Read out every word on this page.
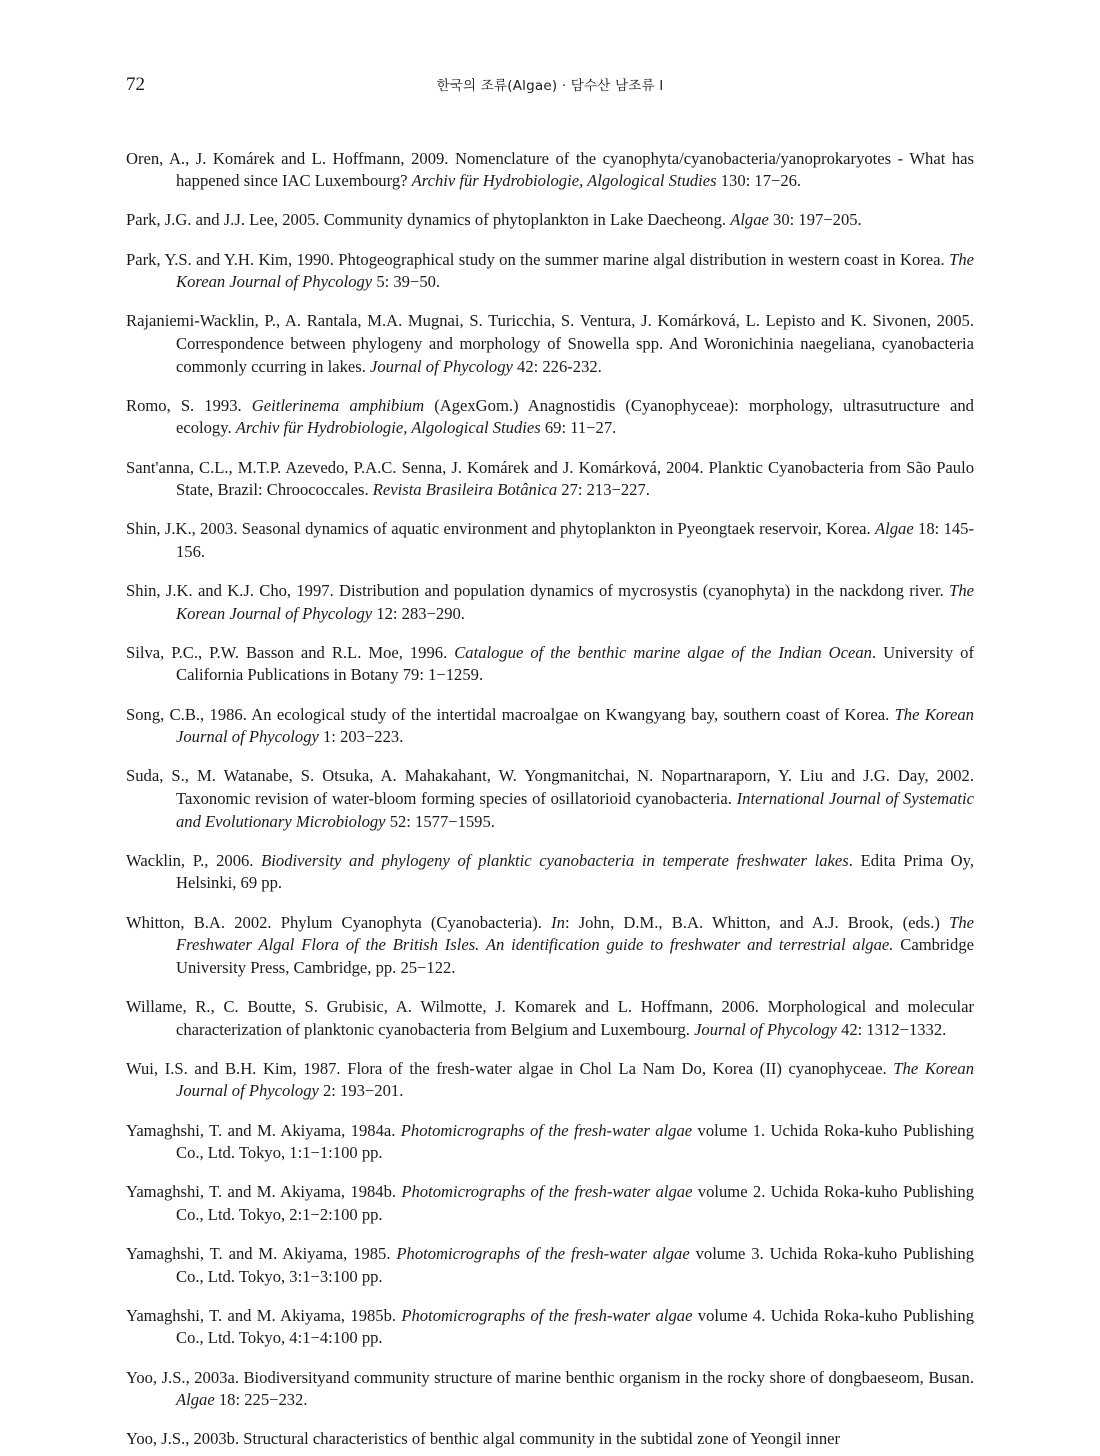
72	한국의 조류(Algae) · 담수산 남조류 I

Oren, A., J. Komárek and L. Hoffmann, 2009. Nomenclature of the cyanophyta/cyanobacteria/yanoprokaryotes - What has happened since IAC Luxembourg? Archiv für Hydrobiologie, Algological Studies 130: 17−26.

Park, J.G. and J.J. Lee, 2005. Community dynamics of phytoplankton in Lake Daecheong. Algae 30: 197−205.

Park, Y.S. and Y.H. Kim, 1990. Phtogeographical study on the summer marine algal distribution in western coast in Korea. The Korean Journal of Phycology 5: 39−50.

Rajaniemi-Wacklin, P., A. Rantala, M.A. Mugnai, S. Turicchia, S. Ventura, J. Komárková, L. Lepisto and K. Sivonen, 2005. Correspondence between phylogeny and morphology of Snowella spp. And Woronichinia naegeliana, cyanobacteria commonly ccurring in lakes. Journal of Phycology 42: 226-232.

Romo, S. 1993. Geitlerinema amphibium (AgexGom.) Anagnostidis (Cyanophyceae): morphology, ultrasutructure and ecology. Archiv für Hydrobiologie, Algological Studies 69: 11−27.

Sant'anna, C.L., M.T.P. Azevedo, P.A.C. Senna, J. Komárek and J. Komárková, 2004. Planktic Cyanobacteria from São Paulo State, Brazil: Chroococcales. Revista Brasileira Botânica 27: 213−227.

Shin, J.K., 2003. Seasonal dynamics of aquatic environment and phytoplankton in Pyeongtaek reservoir, Korea. Algae 18: 145-156.

Shin, J.K. and K.J. Cho, 1997. Distribution and population dynamics of mycrosystis (cyanophyta) in the nackdong river. The Korean Journal of Phycology 12: 283−290.

Silva, P.C., P.W. Basson and R.L. Moe, 1996. Catalogue of the benthic marine algae of the Indian Ocean. University of California Publications in Botany 79: 1−1259.

Song, C.B., 1986. An ecological study of the intertidal macroalgae on Kwangyang bay, southern coast of Korea. The Korean Journal of Phycology 1: 203−223.

Suda, S., M. Watanabe, S. Otsuka, A. Mahakahant, W. Yongmanitchai, N. Nopartnaraporn, Y. Liu and J.G. Day, 2002. Taxonomic revision of water-bloom forming species of osillatorioid cyanobacteria. International Journal of Systematic and Evolutionary Microbiology 52: 1577−1595.

Wacklin, P., 2006. Biodiversity and phylogeny of planktic cyanobacteria in temperate freshwater lakes. Edita Prima Oy, Helsinki, 69 pp.

Whitton, B.A. 2002. Phylum Cyanophyta (Cyanobacteria). In: John, D.M., B.A. Whitton, and A.J. Brook, (eds.) The Freshwater Algal Flora of the British Isles. An identification guide to freshwater and terrestrial algae. Cambridge University Press, Cambridge, pp. 25−122.

Willame, R., C. Boutte, S. Grubisic, A. Wilmotte, J. Komarek and L. Hoffmann, 2006. Morphological and molecular characterization of planktonic cyanobacteria from Belgium and Luxembourg. Journal of Phycology 42: 1312−1332.

Wui, I.S. and B.H. Kim, 1987. Flora of the fresh-water algae in Chol La Nam Do, Korea (II) cyanophyceae. The Korean Journal of Phycology 2: 193−201.

Yamaghshi, T. and M. Akiyama, 1984a. Photomicrographs of the fresh-water algae volume 1. Uchida Roka-kuho Publishing Co., Ltd. Tokyo, 1:1−1:100 pp.

Yamaghshi, T. and M. Akiyama, 1984b. Photomicrographs of the fresh-water algae volume 2. Uchida Roka-kuho Publishing Co., Ltd. Tokyo, 2:1−2:100 pp.

Yamaghshi, T. and M. Akiyama, 1985. Photomicrographs of the fresh-water algae volume 3. Uchida Roka-kuho Publishing Co., Ltd. Tokyo, 3:1−3:100 pp.

Yamaghshi, T. and M. Akiyama, 1985b. Photomicrographs of the fresh-water algae volume 4. Uchida Roka-kuho Publishing Co., Ltd. Tokyo, 4:1−4:100 pp.

Yoo, J.S., 2003a. Biodiversityand community structure of marine benthic organism in the rocky shore of dongbaeseom, Busan. Algae 18: 225−232.

Yoo, J.S., 2003b. Structural characteristics of benthic algal community in the subtidal zone of Yeongil inner
